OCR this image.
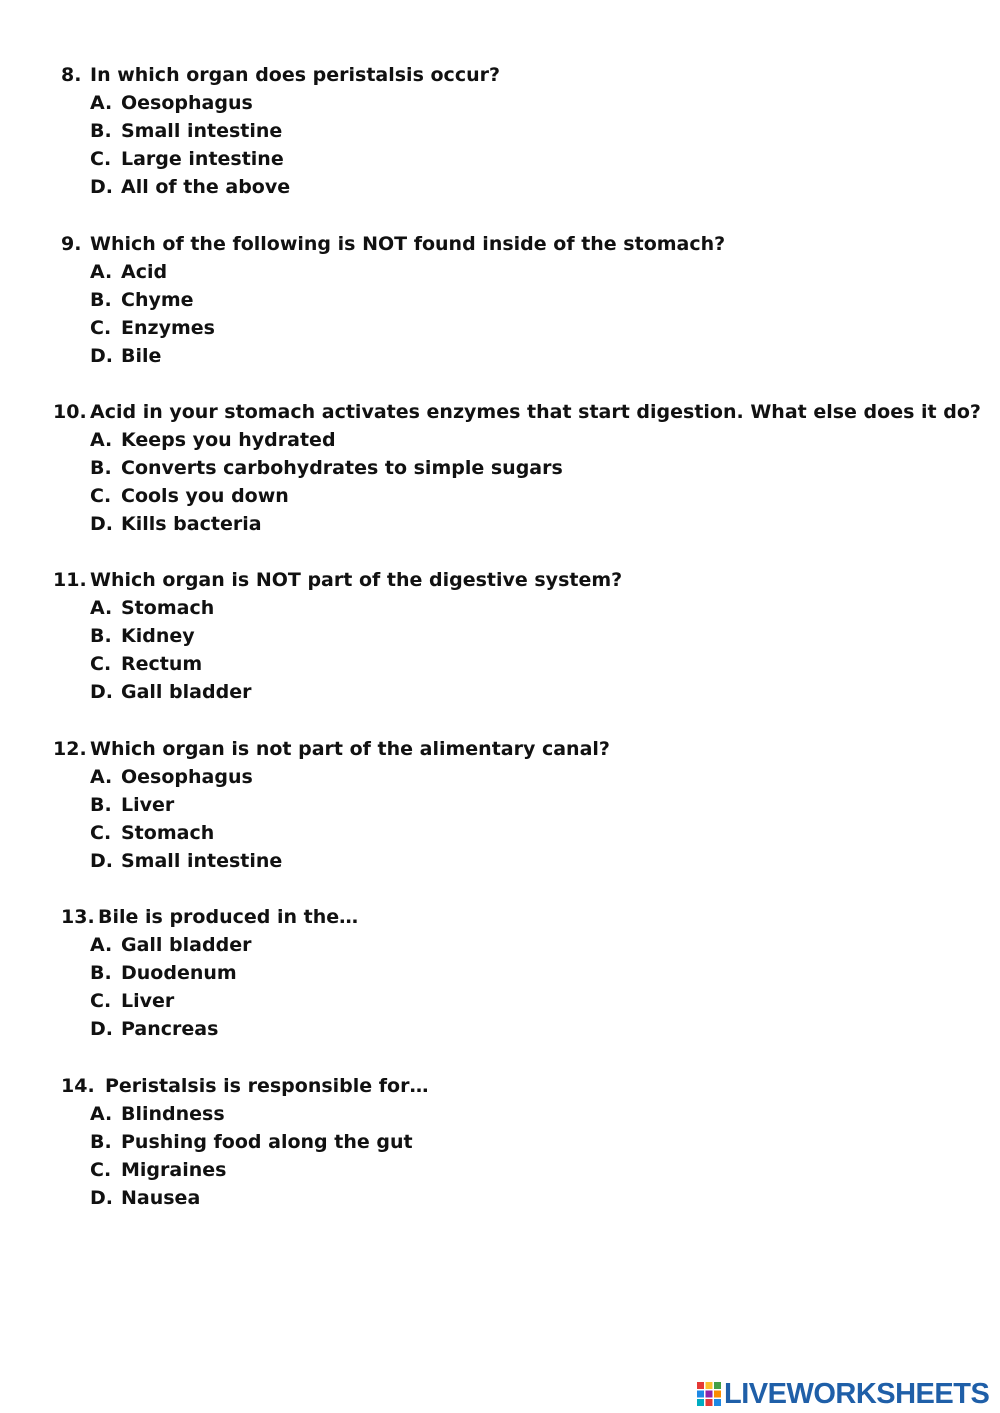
8. In which organ does peristalsis occur?
A. Oesophagus
B. Small intestine
C. Large intestine
D. All of the above
9. Which of the following is NOT found inside of the stomach?
A. Acid
B. Chyme
C. Enzymes
D. Bile
10. Acid in your stomach activates enzymes that start digestion. What else does it do?
A. Keeps you hydrated
B. Converts carbohydrates to simple sugars
C. Cools you down
D. Kills bacteria
11. Which organ is NOT part of the digestive system?
A. Stomach
B. Kidney
C. Rectum
D. Gall bladder
12. Which organ is not part of the alimentary canal?
A. Oesophagus
B. Liver
C. Stomach
D. Small intestine
13. Bile is produced in the…
A. Gall bladder
B. Duodenum
C. Liver
D. Pancreas
14. Peristalsis is responsible for…
A. Blindness
B. Pushing food along the gut
C. Migraines
D. Nausea
LIVEWORKSHEETS
